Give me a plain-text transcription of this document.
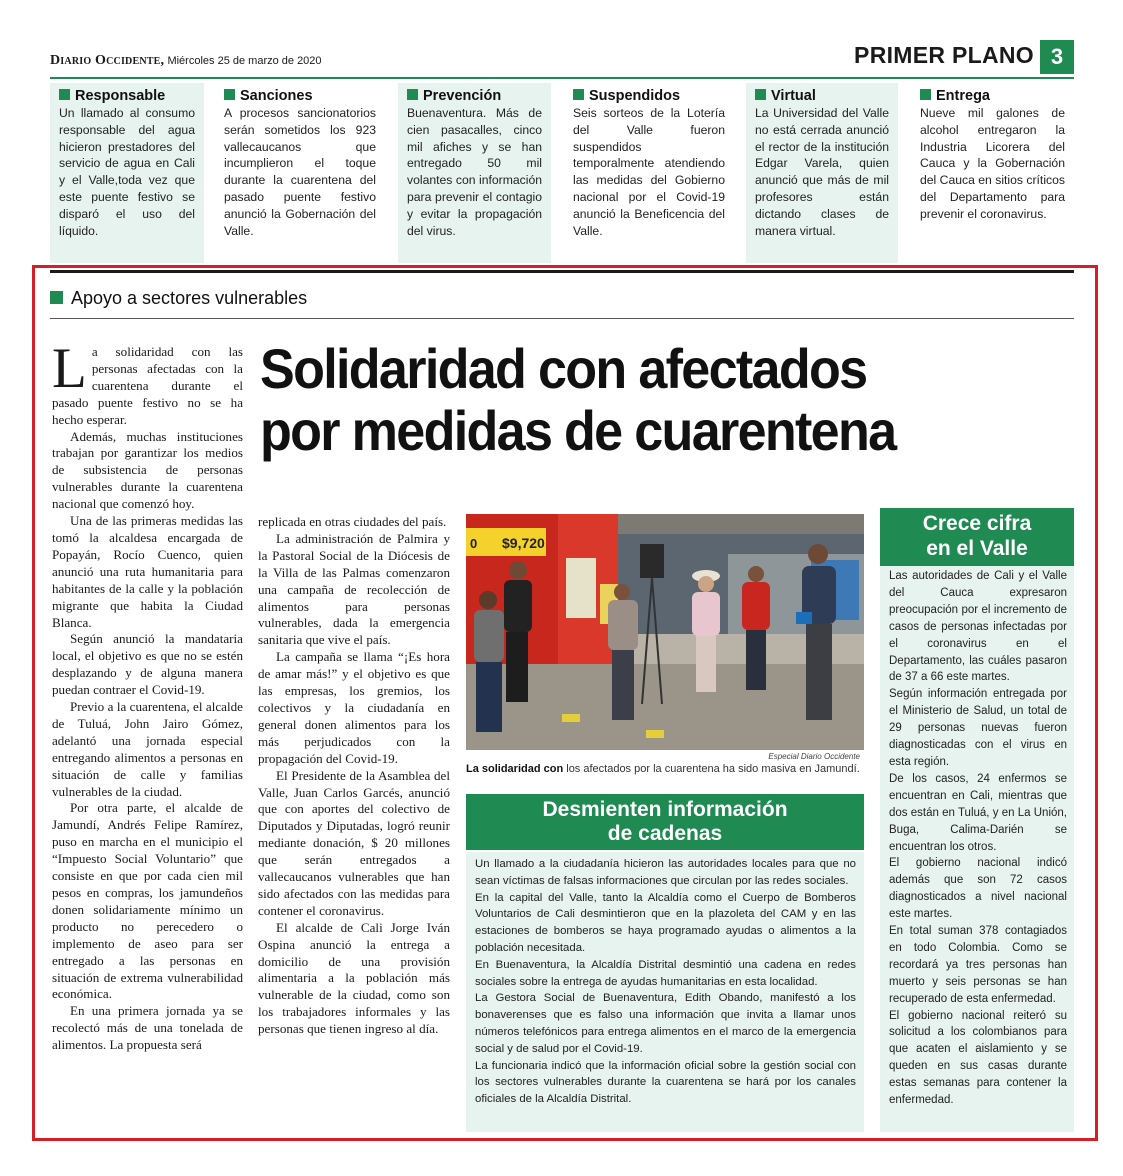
Diario Occidente, Miércoles 25 de marzo de 2020	PRIMER PLANO 3
Responsable

Un llamado al consumo responsable del agua hicieron prestadores del servicio de agua en Cali y el Valle,toda vez que este puente festivo se disparó el uso del líquido.

Sanciones

A procesos sancionatorios serán sometidos los 923 vallecaucanos que incumplieron el toque durante la cuarentena del pasado puente festivo anunció la Gobernación del Valle.

Prevención

Buenaventura. Más de cien pasacalles, cinco mil afiches y se han entregado 50 mil volantes con información para prevenir el contagio y evitar la propagación del virus.

Suspendidos

Seis sorteos de la Lotería del Valle fueron suspendidos temporalmente atendiendo las medidas del Gobierno nacional por el Covid-19 anunció la Beneficencia del Valle.

Virtual

La Universidad del Valle no está cerrada anunció el rector de la institución Edgar Varela, quien anunció que más de mil profesores están dictando clases de manera virtual.

Entrega

Nueve mil galones de alcohol entregaron la Industria Licorera del Cauca y la Gobernación del Cauca en sitios críticos del Departamento para prevenir el coronavirus.

Apoyo a sectores vulnerables
Solidaridad con afectados
por medidas de cuarentena

La solidaridad con las personas afectadas con la cuarentena durante el pasado puente festivo no se ha hecho esperar.

Además, muchas instituciones trabajan por garantizar los medios de subsistencia de personas vulnerables durante la cuarentena nacional que comenzó hoy.

Una de las primeras medidas las tomó la alcaldesa encargada de Popayán, Rocío Cuenco, quien anunció una ruta humanitaria para habitantes de la calle y la población migrante que habita la Ciudad Blanca.

Según anunció la mandataria local, el objetivo es que no se estén desplazando y de alguna manera puedan contraer el Covid-19.

Previo a la cuarentena, el alcalde de Tuluá, John Jairo Gómez, adelantó una jornada especial entregando alimentos a personas en situación de calle y familias vulnerables de la ciudad.

Por otra parte, el alcalde de Jamundí, Andrés Felipe Ramírez, puso en marcha en el municipio el “Impuesto Social Voluntario” que consiste en que por cada cien mil pesos en compras, los jamundeños donen solidariamente mínimo un producto no perecedero o implemento de aseo para ser entregado a las personas en situación de extrema vulnerabilidad económica.

En una primera jornada ya se recolectó más de una tonelada de alimentos. La propuesta será

replicada en otras ciudades del país.

La administración de Palmira y la Pastoral Social de la Diócesis de la Villa de las Palmas comenzaron una campaña de recolección de alimentos para personas vulnerables, dada la emergencia sanitaria que vive el país.

La campaña se llama “¡Es hora de amar más!” y el objetivo es que las empresas, los gremios, los colectivos y la ciudadanía en general donen alimentos para los más perjudicados con la propagación del Covid-19.

El Presidente de la Asamblea del Valle, Juan Carlos Garcés, anunció que con aportes del colectivo de Diputados y Diputadas, logró reunir mediante donación, $ 20 millones que serán entregados a vallecaucanos vulnerables que han sido afectados con las medidas para contener el coronavirus.

El alcalde de Cali Jorge Iván Ospina anunció la entrega a domicilio de una provisión alimentaria a la población más vulnerable de la ciudad, como son los trabajadores informales y las personas que tienen ingreso al día.

0 $9,720
Especial Diario Occidente
La solidaridad con los afectados por la cuarentena ha sido masiva en Jamundí.
Desmienten información
de cadenas

Un llamado a la ciudadanía hicieron las autoridades locales para que no sean víctimas de falsas informaciones que circulan por las redes sociales.

En la capital del Valle, tanto la Alcaldía como el Cuerpo de Bomberos Voluntarios de Cali desmintieron que en la plazoleta del CAM y en las estaciones de bomberos se haya programado ayudas o alimentos a la población necesitada.

En Buenaventura, la Alcaldía Distrital desmintió una cadena en redes sociales sobre la entrega de ayudas humanitarias en esta localidad.

La Gestora Social de Buenaventura, Edith Obando, manifestó a los bonaverenses que es falso una información que invita a llamar unos números telefónicos para entrega alimentos en el marco de la emergencia social y de salud por el Covid-19.

La funcionaria indicó que la información oficial sobre la gestión social con los sectores vulnerables durante la cuarentena se hará por los canales oficiales de la Alcaldía Distrital.

Crece cifra
en el Valle

Las autoridades de Cali y el Valle del Cauca expresaron preocupación por el incremento de casos de personas infectadas por el coronavirus en el Departamento, las cuáles pasaron de 37 a 66 este martes.

Según información entregada por el Ministerio de Salud, un total de 29 personas nuevas fueron diagnosticadas con el virus en esta región.

De los casos, 24 enfermos se encuentran en Cali, mientras que dos están en Tuluá, y en La Unión, Buga, Calima-Darién se encuentran los otros.

El gobierno nacional indicó además que son 72 casos diagnosticados a nivel nacional este martes.

En total suman 378 contagiados en todo Colombia. Como se recordará ya tres personas han muerto y seis personas se han recuperado de esta enfermedad.

El gobierno nacional reiteró su solicitud a los colombianos para que acaten el aislamiento y se queden en sus casas durante estas semanas para contener la enfermedad.
